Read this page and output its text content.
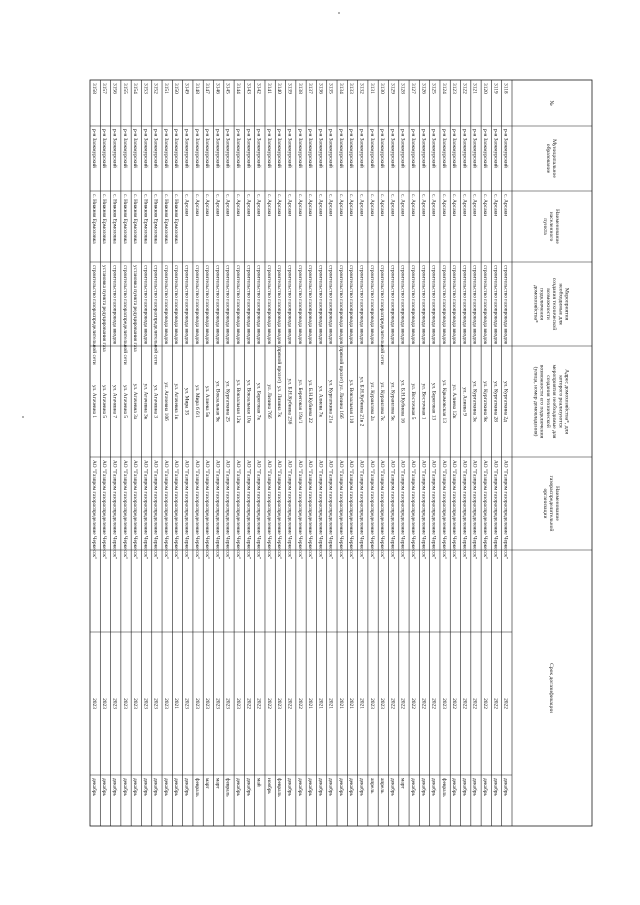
№
Муниципальноеобразование
Наименованиенаселенногопункта
Мероприятиянеобходимые длясоздания техническойвозможностиподключениядомохозяйства*
Адрес домохозяйства*, длякоторого реализуютсямероприятия необходимые длясоздания техническойвозможности его подключения(улица, номер домовладения)
Наименованиегазораспределительнойорганизации
Срок догазификации
3118
р-н Заокмурский
с. Арсаки
строительство газопровода вводов
ул. Кургаткина 2д
АО "Газпром газораспределение Черкесск"
2022
декабрь
3119
р-н Заокмурский
с. Арсаки
строительство газопровода вводов
ул. Кургаткина 28
АО "Газпром газораспределение Черкесск"
2022
декабрь
3120
р-н Заокмурский
с. Арсаки
строительство газопровода вводов
ул. Кургаткина 9к
АО "Газпром газораспределение Черкесск"
2022
декабрь
3121
р-н Заокмурский
с. Арсаки
строительство газопровода вводов
ул. Кургаткина 3к
АО "Газпром газораспределение Черкесск"
2022
декабрь
3122
р-н Заокмурский
с. Арсаки
строительство газопровода вводов
ул. Алиева 9
АО "Газпром газораспределение Черкесск"
2022
декабрь
3123
р-н Заокмурский
с. Арсаки
строительство газопровода вводов
ул. Алиева 12к
АО "Газпром газораспределение Черкесск"
2022
декабрь
3124
р-н Заокмурский
с. Арсаки
строительство газопровода вводов
ул. Крымовская 13
АО "Газпром газораспределение Черкесск"
2023
февраль
3125
р-н Заокмурский
с. Арсаки
строительство газопровода вводов
ул. Береговая 13
АО "Газпром газораспределение Черкесск"
2022
декабрь
3126
р-н Заокмурский
с. Арсаки
строительство газопровода вводов
ул. Восточная 1
АО "Газпром газораспределение Черкесск"
2022
декабрь
3127
р-н Заокмурский
с. Арсаки
строительство газопровода вводов
ул. Восточная 5
АО "Газпром газораспределение Черкесск"
2022
декабрь
3128
р-н Заокмурский
с. Арсаки
строительство газопровода вводов
ул. Б.Н.Кубиева 16
АО "Газпром газораспределение Черкесск"
2022
март
3129
р-н Заокмурский
с. Арсаки
строительство газопровода вводов
ул. Кураилова 5к
АО "Газпром газораспределение Черкесск"
2022
декабрь
3130
р-н Заокмурский
с. Арсаки
строительство газораспределительной сети
ул. Кураилова 7к
АО "Газпром газораспределение Черкесск"
2023
апрель
3131
р-н Заокмурский
с. Арсаки
строительство газопровода вводов
ул. Кураилова 2а
АО "Газпром газораспределение Черкесск"
2023
апрель
3132
р-н Заокмурский
с. Арсаки
строительство газопровода вводов
ул. Б.Н.Кубиева 21в 2
АО "Газпром газораспределение Черкесск"
2021
декабрь
3133
р-н Заокмурский
с. Арсаки
строительство газопровода вводов
ул. Вокзальная 110
АО "Газпром газораспределение Черкесск"
2021
декабрь
3134
р-н Заокмурский
с. Арсаки
строительство газопровода вводов (прямой пролет)
ул. Лизина 16б
АО "Газпром газораспределение Черкесск"
2021
декабрь
3135
р-н Заокмурский
с. Арсаки
строительство газопровода вводов
ул. Кургаткина 21а
АО "Газпром газораспределение Черкесск"
2021
декабрь
3136
р-н Заокмурский
с. Арсаки
строительство газопровода вводов
ул. Алиева 7к
АО "Газпром газораспределение Черкесск"
2021
декабрь
3137
р-н Заокмурский
с. Арсаки
строительство газопровода вводов
ул. Б.Н.Кубиева 22
АО "Газпром газораспределение Черкесск"
2021
декабрь
3138
р-н Заокмурский
с. Арсаки
строительство газопровода вводов
ул. Береговая 19а/1
АО "Газпром газораспределение Черкесск"
2022
декабрь
3139
р-н Заокмурский
с. Арсаки
строительство газопровода вводов
ул. Б.Н.Кубиева 23б
АО "Газпром газораспределение Черкесск"
2022
декабрь
3140
р-н Заокмурский
с. Арсаки
строительство газопровода вводов (прямой пролет)
ул. Лизина 7к
АО "Газпром газораспределение Черкесск"
2023
февраль
3141
р-н Заокмурский
с. Арсаки
строительство газопровода вводов
ул. Лизина 76б
АО "Газпром газораспределение Черкесск"
2022
ноябрь
3142
р-н Заокмурский
с. Арсаки
строительство газопровода вводов
ул. Береговая 7к
АО "Газпром газораспределение Черкесск"
2022
май
3143
р-н Заокмурский
с. Арсаки
строительство газопровода вводов
ул. Вокзальная 10а
АО "Газпром газораспределение Черкесск"
2022
декабрь
3144
р-н Заокмурский
с. Арсаки
строительство газопровода вводов
ул. Вокзальная 12к
АО "Газпром газораспределение Черкесск"
2023
декабрь
3145
р-н Заокмурский
с. Арсаки
строительство газопровода вводов
ул. Кургаткина 25
АО "Газпром газораспределение Черкесск"
2023
февраль
3146
р-н Заокмурский
с. Арсаки
строительство газопровода вводов
ул. Вокзальная 9к
АО "Газпром газораспределение Черкесск"
2023
март
3147
р-н Заокмурский
с. Арсаки
строительство газопровода вводов
ул. Алиева 5в
АО "Газпром газораспределение Черкесск"
2023
март
3148
р-н Заокмурский
с. Арсаки
строительство газопровода вводов
ул. Мира 6 б/1
АО "Газпром газораспределение Черкесск"
2023
февраль
3149
р-н Заокмурский
с. Арсаки
строительство газопровода вводов
ул. Мира 35
АО "Газпром газораспределение Черкесск"
2023
декабрь
3150
р-н Заокмурский
с. Нижняя Ермоловка
строительство газопровода вводов
ул. Агачевна 1к
АО "Газпром газораспределение Черкесск"
2021
декабрь
3151
р-н Заокмурский
с. Нижняя Ермоловка
строительство газопровода вводов
ул. Агачевна 10б
АО "Газпром газораспределение Черкесск"
2023
декабрь
3152
р-н Заокмурский
с. Нижняя Ермоловка
строительство газораспределительной сети
ул. Агачевна 3
АО "Газпром газораспределение Черкесск"
2023
декабрь
3153
р-н Заокмурский
с. Нижняя Ермоловка
строительство газопровода вводов
ул. Агачевна 3к
АО "Газпром газораспределение Черкесск"
2023
декабрь
3154
р-н Заокмурский
с. Нижняя Ермоловка
установка пункта редуцирования газа
ул. Агачевна 3а
АО "Газпром газораспределение Черкесск"
2023
декабрь
3155
р-н Заокмурский
с. Нижняя Ермоловка
строительство газораспределительной сети
ул. Агачевна 5
АО "Газпром газораспределение Черкесск"
2023
декабрь
3156
р-н Заокмурский
с. Нижняя Ермоловка
строительство газопровода вводов
ул. Агачевна 7
АО "Газпром газораспределение Черкесск"
2023
декабрь
3157
р-н Заокмурский
с. Нижняя Ермоловка
установка пункта редуцирования газа
ул. Агачевна 5
АО "Газпром газораспределение Черкесск"
2023
декабрь
3158
р-н Заокмурский
с. Нижняя Ермоловка
строительство газораспределительной сети
ул. Агачевна 1
АО "Газпром газораспределение Черкесск"
2023
декабрь
